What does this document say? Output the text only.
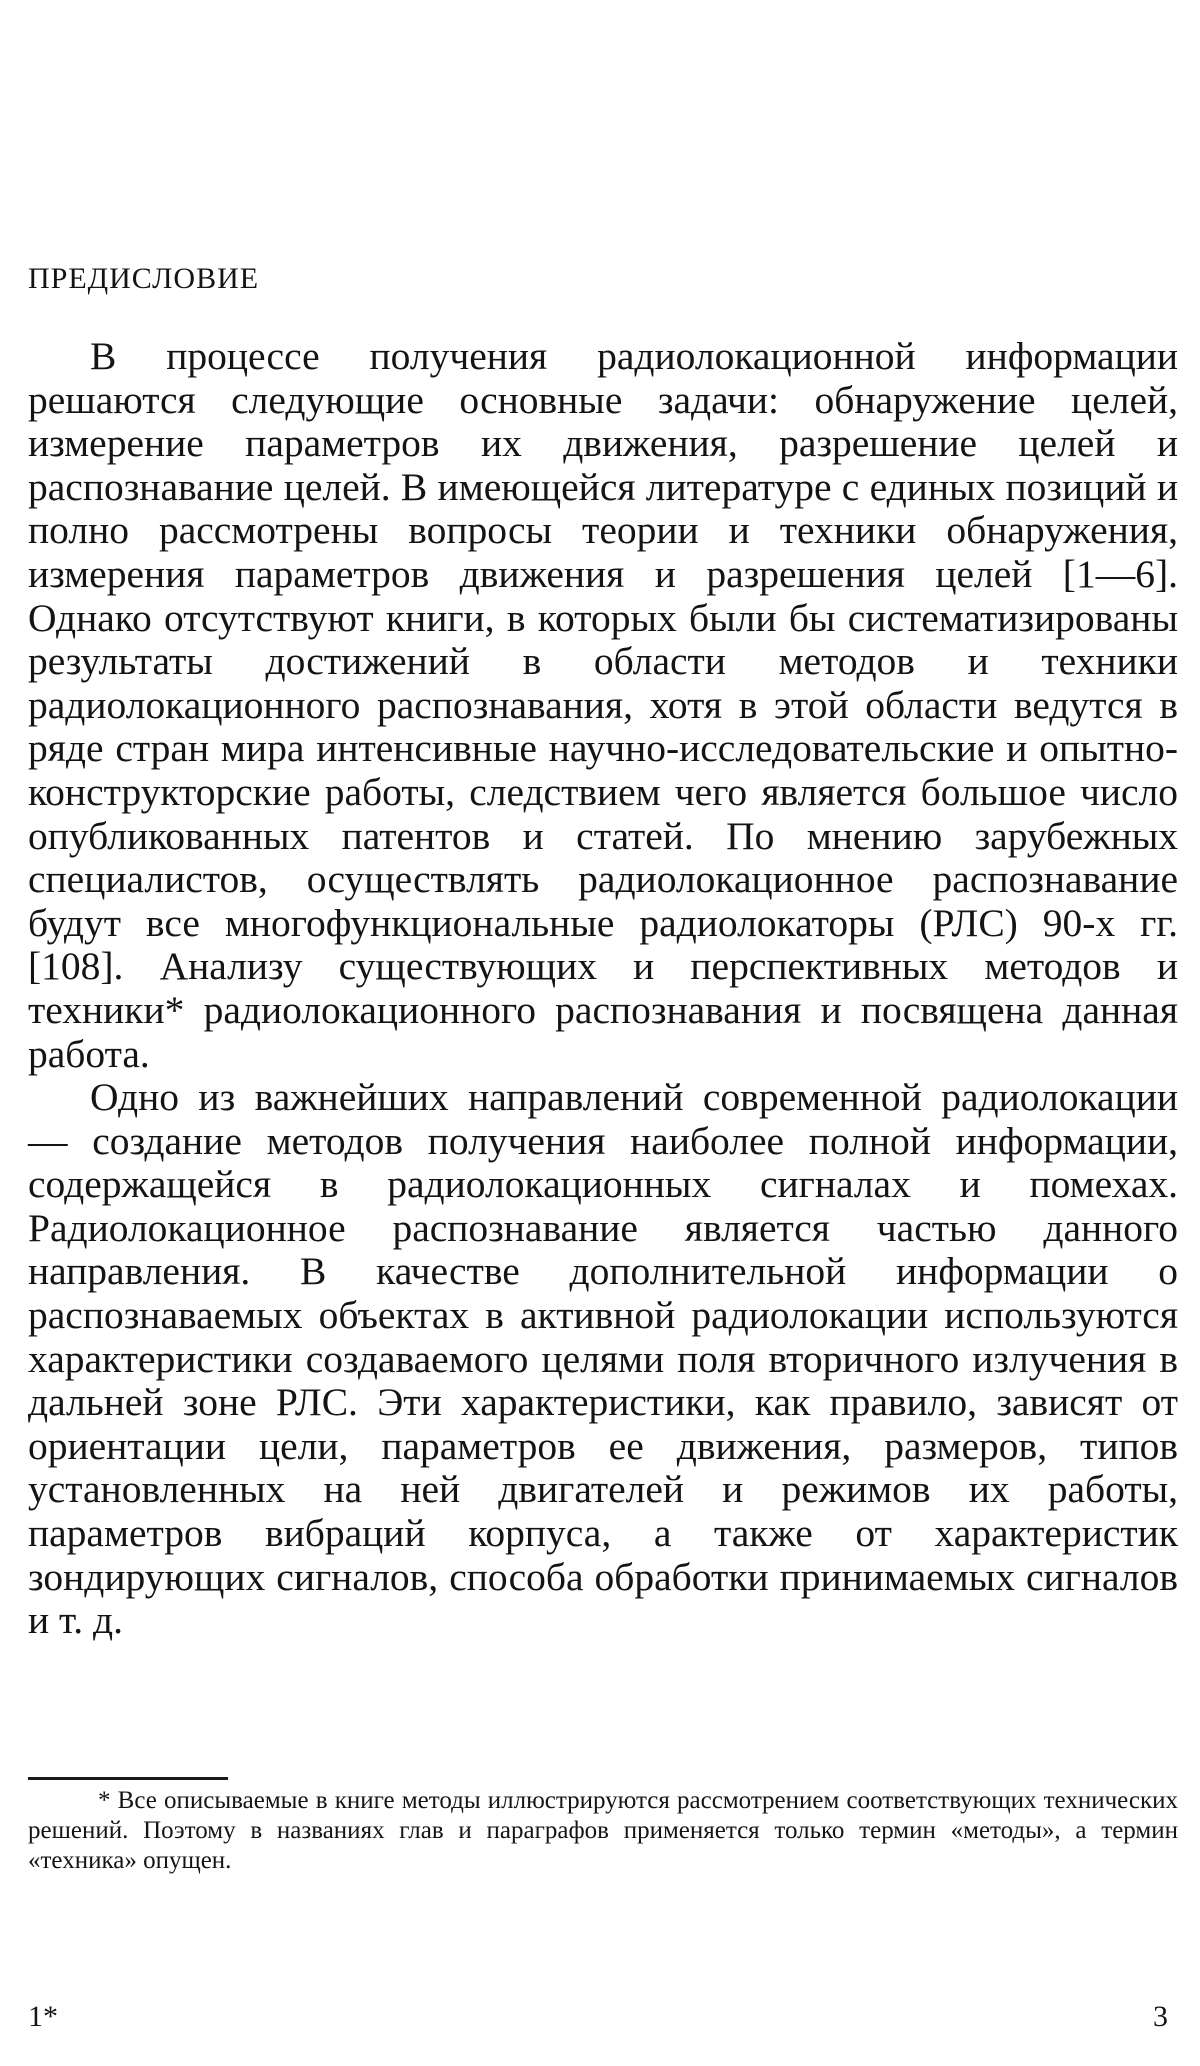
ПРЕДИСЛОВИЕ

В процессе получения радиолокационной информации решаются следующие основные задачи: обнаружение целей, измерение параметров их движения, разрешение целей и распознавание целей. В имеющейся литературе с единых позиций и полно рассмотрены вопросы теории и техники обнаружения, измерения параметров движения и разрешения целей [1—6]. Однако отсутствуют книги, в которых были бы систематизированы результаты достижений в области методов и техники радиолокационного распознавания, хотя в этой области ведутся в ряде стран мира интенсивные научно-исследовательские и опытно-конструкторские работы, следствием чего является большое число опубликованных патентов и статей. По мнению зарубежных специалистов, осуществлять радиолокационное распознавание будут все многофункциональные радиолокаторы (РЛС) 90-х гг. [108]. Анализу существующих и перспективных методов и техники* радиолокационного распознавания и посвящена данная работа.

Одно из важнейших направлений современной радиолокации — создание методов получения наиболее полной информации, содержащейся в радиолокационных сигналах и помехах. Радиолокационное распознавание является частью данного направления. В качестве дополнительной информации о распознаваемых объектах в активной радиолокации используются характеристики создаваемого целями поля вторичного излучения в дальней зоне РЛС. Эти характеристики, как правило, зависят от ориентации цели, параметров ее движения, размеров, типов установленных на ней двигателей и режимов их работы, параметров вибраций корпуса, а также от характеристик зондирующих сигналов, способа обработки принимаемых сигналов и т. д.

* Все описываемые в книге методы иллюстрируются рассмотрением соответствующих технических решений. Поэтому в названиях глав и параграфов применяется только термин «методы», а термин «техника» опущен.
1*	3
